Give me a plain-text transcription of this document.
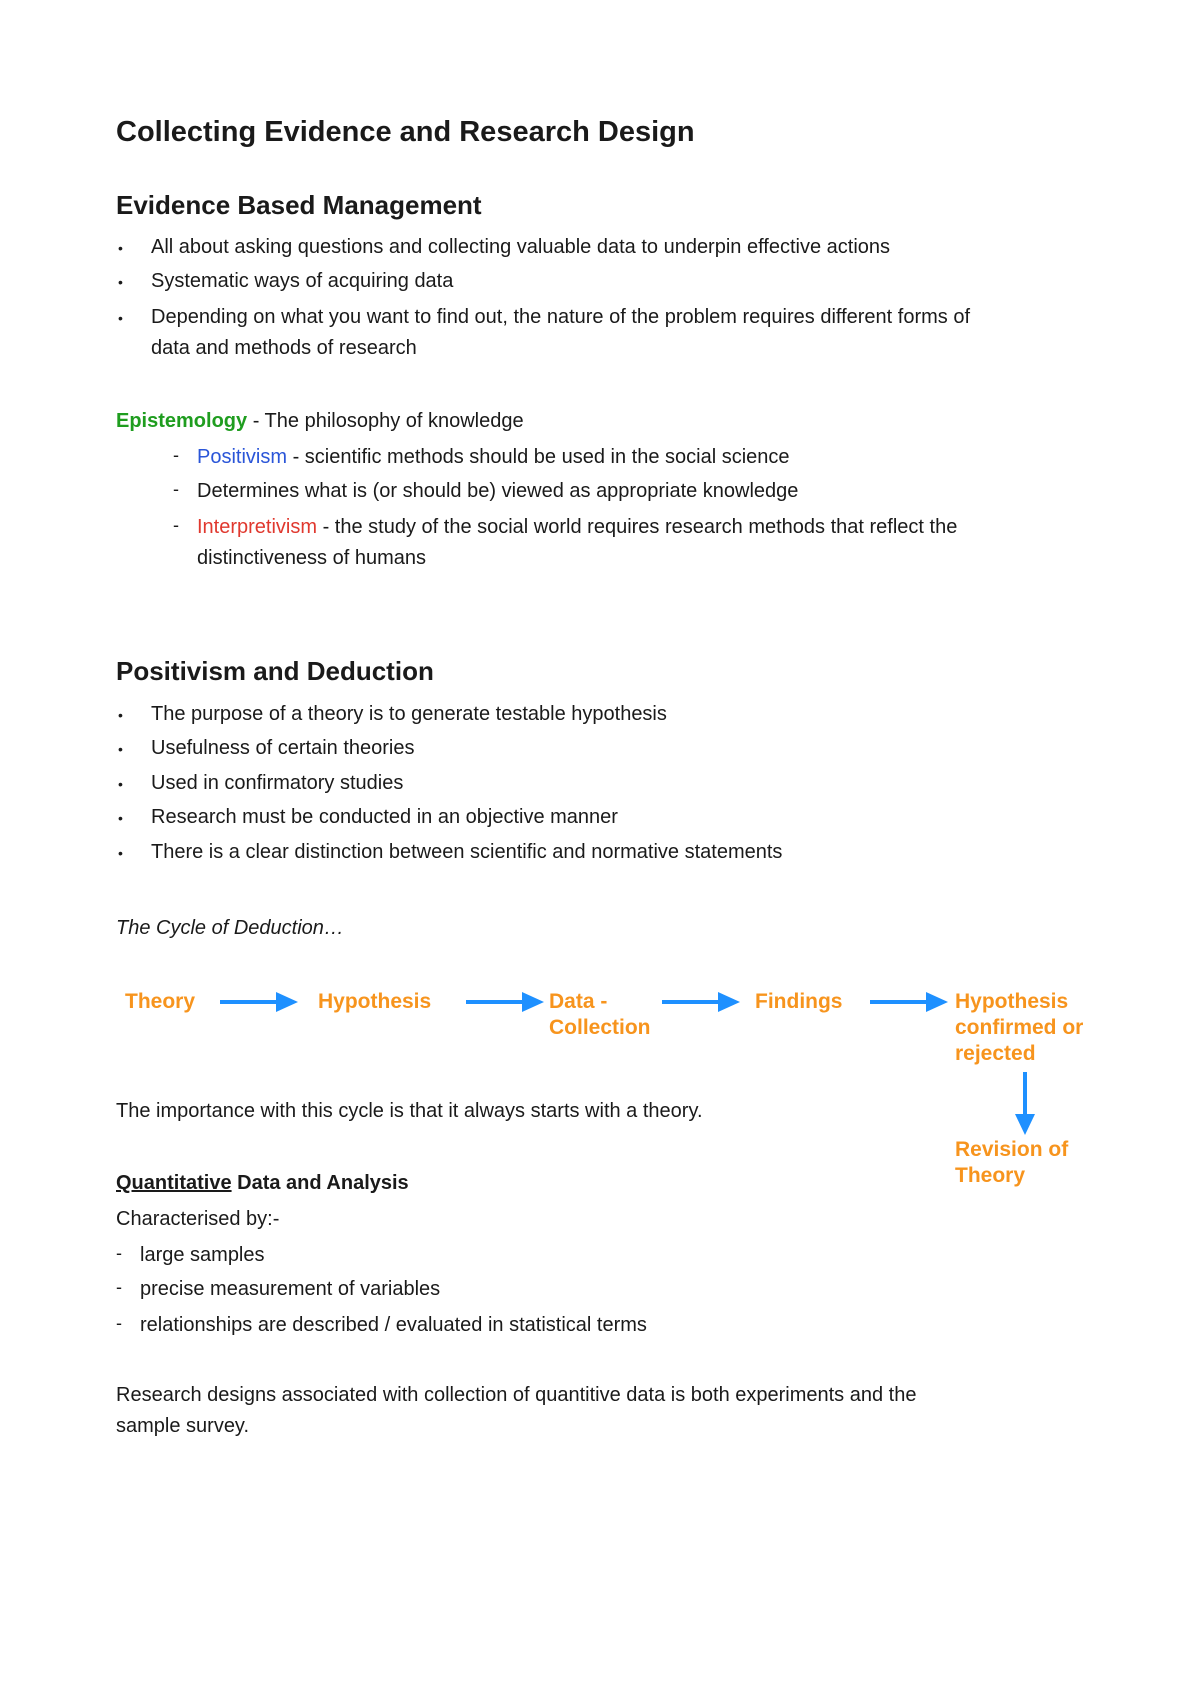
Collecting Evidence and Research Design
Evidence Based Management
• All about asking questions and collecting valuable data to underpin effective actions
• Systematic ways of acquiring data
• Depending on what you want to find out, the nature of the problem requires different forms of
data and methods of research
Epistemology - The philosophy of knowledge
- Positivism - scientific methods should be used in the social science
- Determines what is (or should be) viewed as appropriate knowledge
- Interpretivism - the study of the social world requires research methods that reflect the
distinctiveness of humans
Positivism and Deduction
• The purpose of a theory is to generate testable hypothesis
• Usefulness of certain theories
• Used in confirmatory studies
• Research must be conducted in an objective manner
• There is a clear distinction between scientific and normative statements
The Cycle of Deduction…
Theory	Hypothesis	Data -
Collection
Findings	Hypothesis
confirmed or
rejected
Revision of
Theory
The importance with this cycle is that it always starts with a theory.
Quantitative Data and Analysis
Characterised by:-
- large samples
- precise measurement of variables
- relationships are described / evaluated in statistical terms
Research designs associated with collection of quantitive data is both experiments and the
sample survey.
